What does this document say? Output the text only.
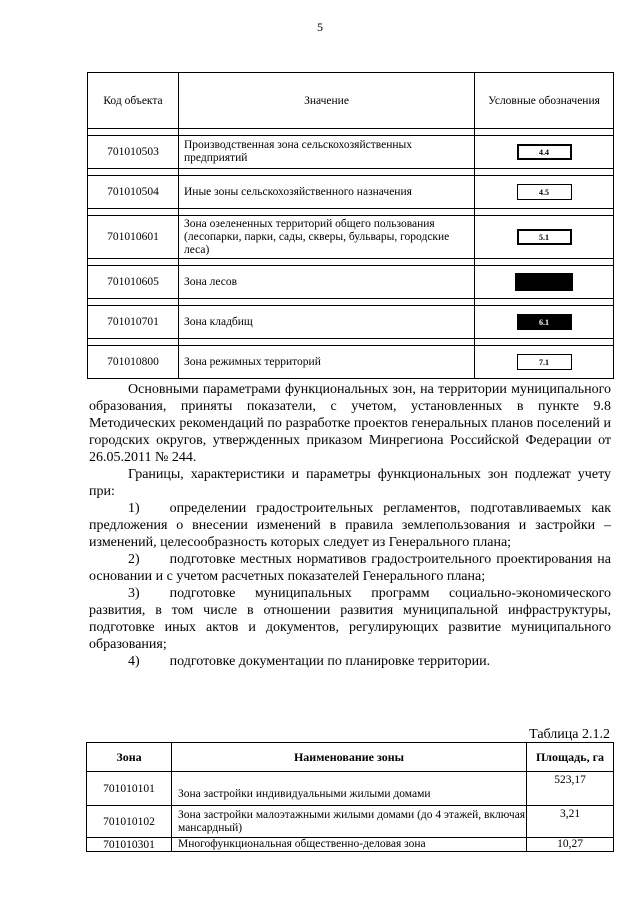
5
Код объекта	Значение	Условные обозначения

701010503	Производственная зона сельскохозяйственных предприятий	4.4

701010504	Иные зоны сельскохозяйственного назначения	4.5

701010601	Зона озелененных территорий общего пользования (лесопарки, парки, сады, скверы, бульвары, городские леса)	5.1

701010605	Зона лесов	

701010701	Зона кладбищ	6.1

701010800	Зона режимных территорий	7.1

Основными параметрами функциональных зон, на территории муниципального образования, приняты показатели, с учетом, установленных в пункте 9.8 Методических рекомендаций по разработке проектов генеральных планов поселений и городских округов, утвержденных приказом Минрегиона Российской Федерации от 26.05.2011 № 244.

Границы, характеристики и параметры функциональных зон подлежат учету при:

1) определении градостроительных регламентов, подготавливаемых как предложения о внесении изменений в правила землепользования и застройки – изменений, целесообразность которых следует из Генерального плана;

2) подготовке местных нормативов градостроительного проектирования на основании и с учетом расчетных показателей Генерального плана;

3) подготовке муниципальных программ социально-экономического развития, в том числе в отношении развития муниципальной инфраструктуры, подготовке иных актов и документов, регулирующих развитие муниципального образования;

4) подготовке документации по планировке территории.

Таблица 2.1.2
Зона	Наименование зоны	Площадь, га
701010101	Зона застройки индивидуальными жилыми домами	523,17
701010102	Зона застройки малоэтажными жилыми домами (до 4 этажей, включая мансардный)	3,21
701010301	Многофункциональная общественно-деловая зона	10,27
